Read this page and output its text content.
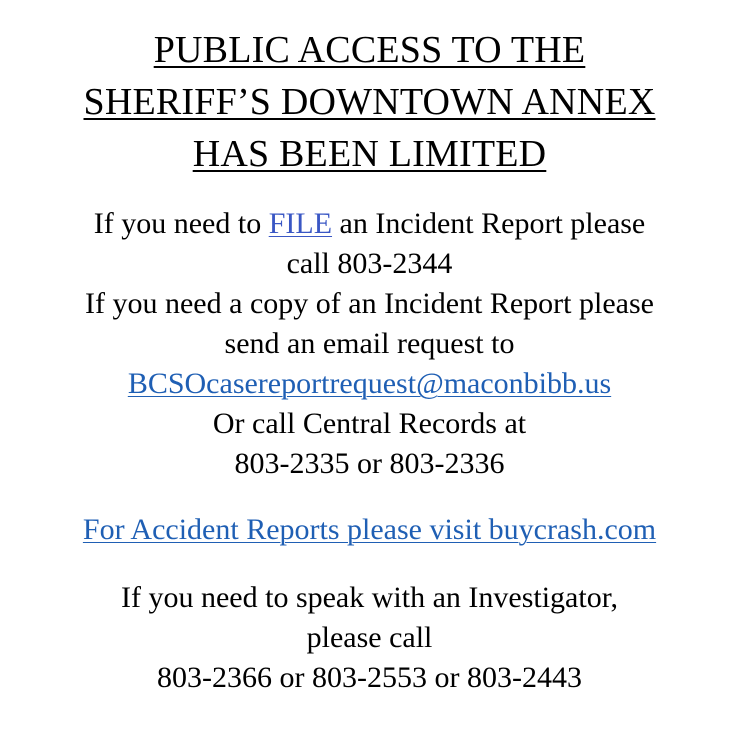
PUBLIC ACCESS TO THE
SHERIFF’S DOWNTOWN ANNEX
HAS BEEN LIMITED
If you need to FILE an Incident Report please
call 803-2344
If you need a copy of an Incident Report please
send an email request to
BCSOcasereportrequest@maconbibb.us
Or call Central Records at
803-2335 or 803-2336
For Accident Reports please visit buycrash.com
If you need to speak with an Investigator,
please call
803-2366 or 803-2553 or 803-2443
